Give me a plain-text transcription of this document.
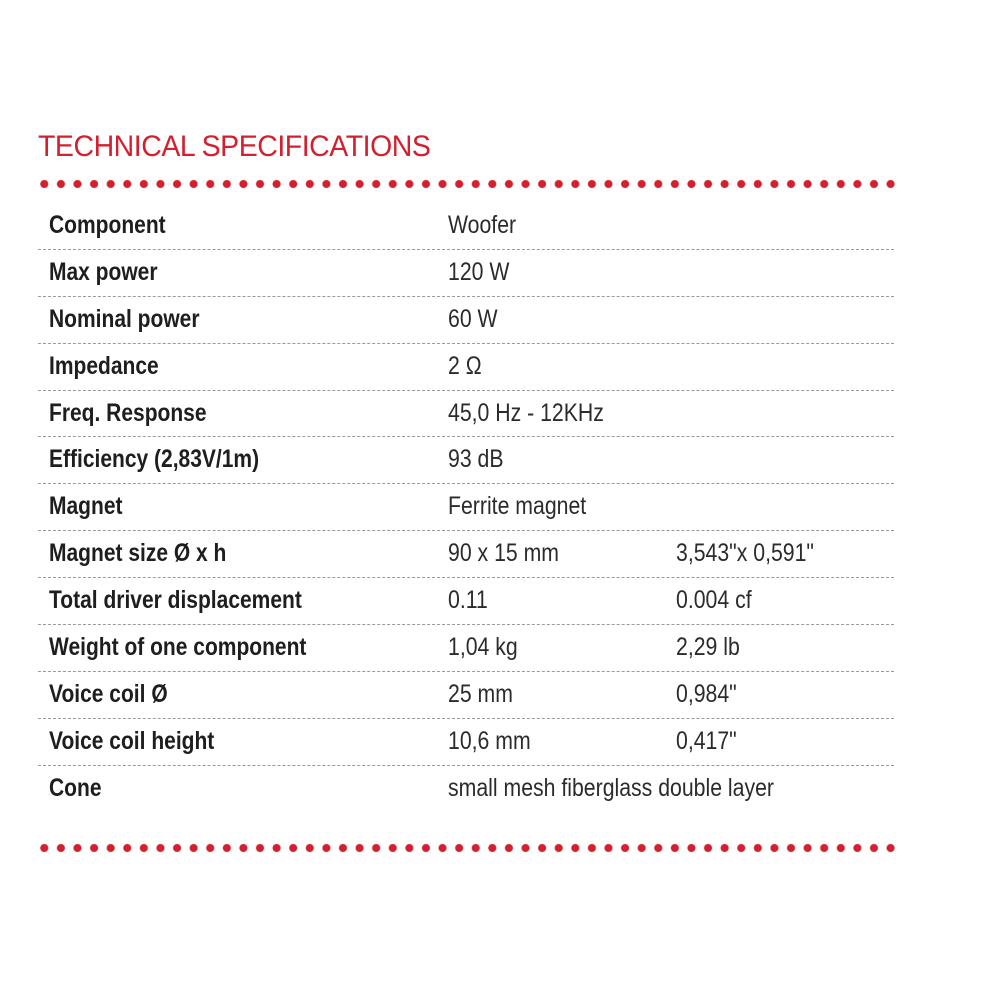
TECHNICAL SPECIFICATIONS
Component	Woofer
Max power	120 W
Nominal power	60 W
Impedance	2 Ω
Freq. Response	45,0 Hz - 12KHz
Efficiency (2,83V/1m)	93 dB
Magnet	Ferrite magnet
Magnet size Ø x h	90 x 15 mm	3,543"x 0,591"
Total driver displacement	0.11	0.004 cf
Weight of one component	1,04 kg	2,29 lb
Voice coil Ø	25 mm	0,984"
Voice coil height	10,6 mm	0,417"
Cone	small mesh fiberglass double layer
